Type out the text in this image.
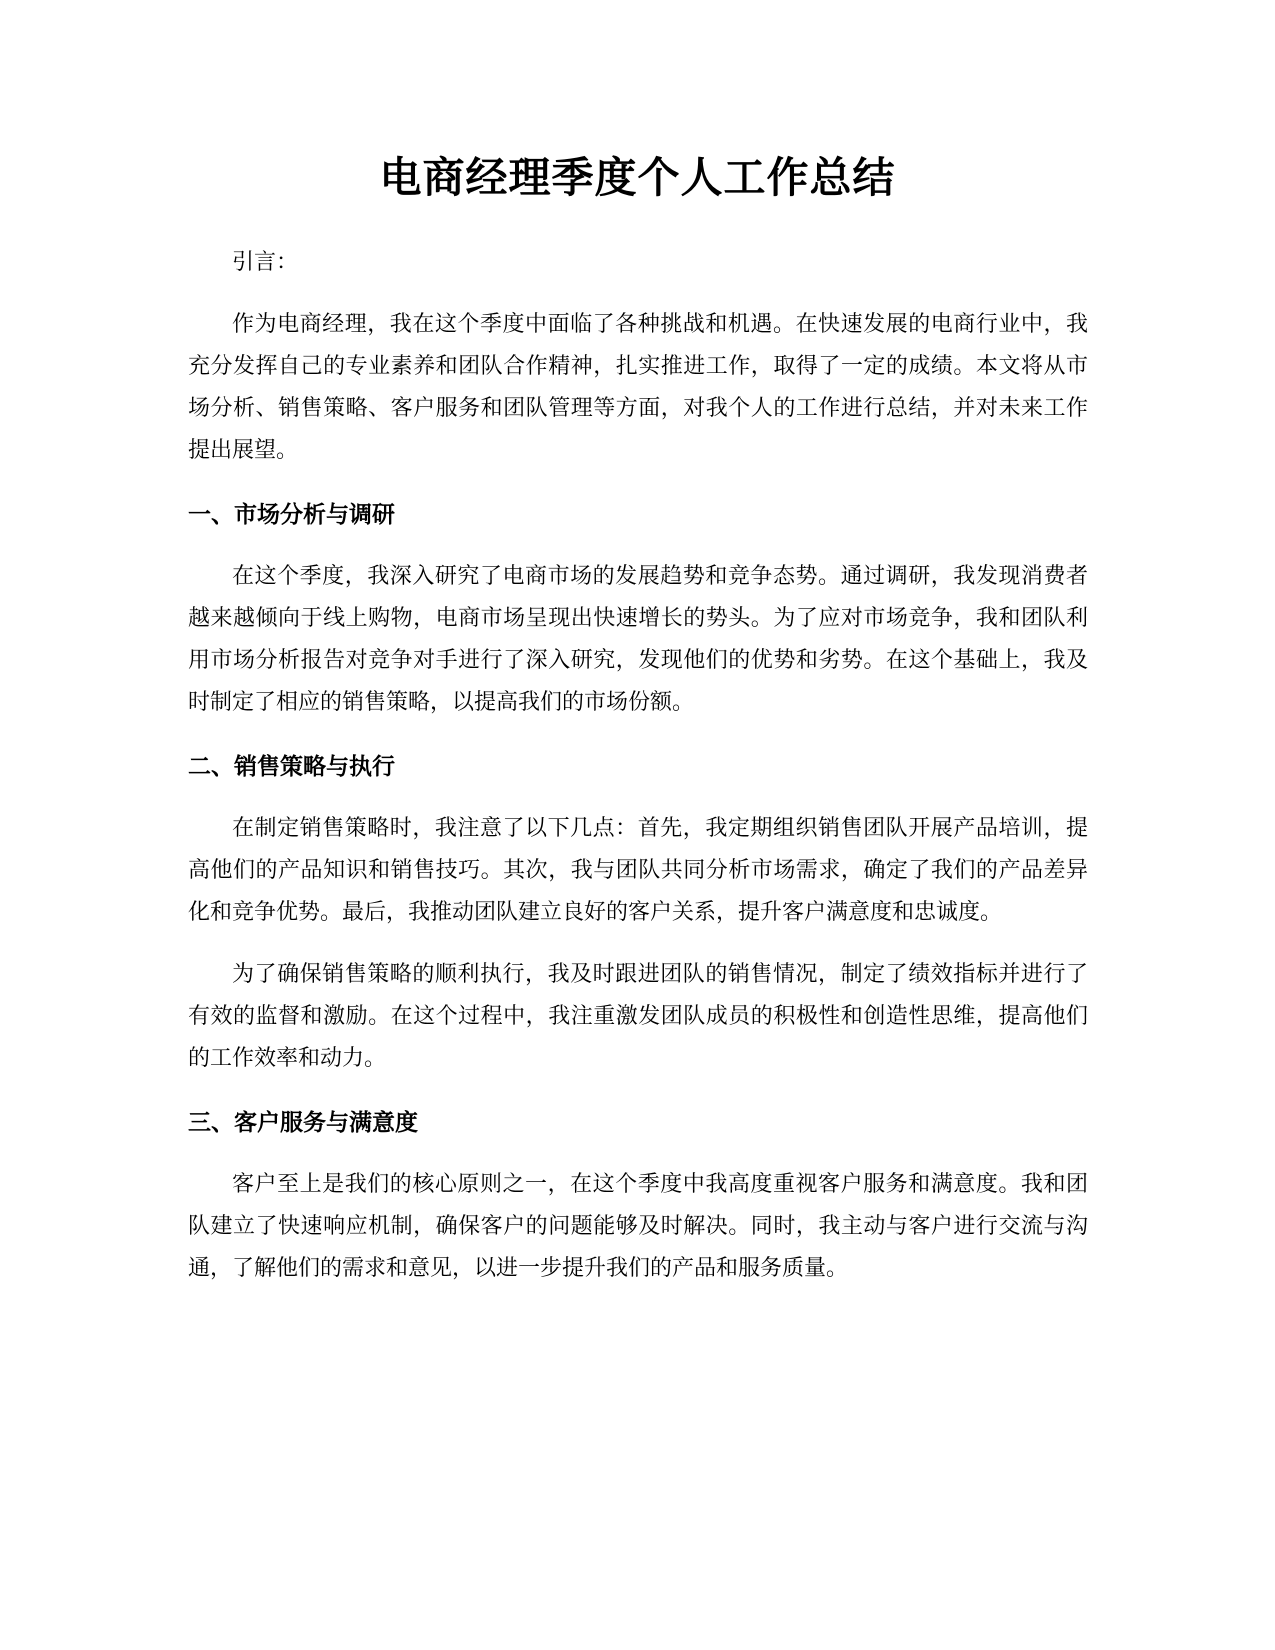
电商经理季度个人工作总结

引言：

作为电商经理，我在这个季度中面临了各种挑战和机遇。在快速发展的电商行业中，我充分发挥自己的专业素养和团队合作精神，扎实推进工作，取得了一定的成绩。本文将从市场分析、销售策略、客户服务和团队管理等方面，对我个人的工作进行总结，并对未来工作提出展望。

一、市场分析与调研

在这个季度，我深入研究了电商市场的发展趋势和竞争态势。通过调研，我发现消费者越来越倾向于线上购物，电商市场呈现出快速增长的势头。为了应对市场竞争，我和团队利用市场分析报告对竞争对手进行了深入研究，发现他们的优势和劣势。在这个基础上，我及时制定了相应的销售策略，以提高我们的市场份额。

二、销售策略与执行

在制定销售策略时，我注意了以下几点：首先，我定期组织销售团队开展产品培训，提高他们的产品知识和销售技巧。其次，我与团队共同分析市场需求，确定了我们的产品差异化和竞争优势。最后，我推动团队建立良好的客户关系，提升客户满意度和忠诚度。

为了确保销售策略的顺利执行，我及时跟进团队的销售情况，制定了绩效指标并进行了有效的监督和激励。在这个过程中，我注重激发团队成员的积极性和创造性思维，提高他们的工作效率和动力。

三、客户服务与满意度

客户至上是我们的核心原则之一，在这个季度中我高度重视客户服务和满意度。我和团队建立了快速响应机制，确保客户的问题能够及时解决。同时，我主动与客户进行交流与沟通，了解他们的需求和意见，以进一步提升我们的产品和服务质量。
